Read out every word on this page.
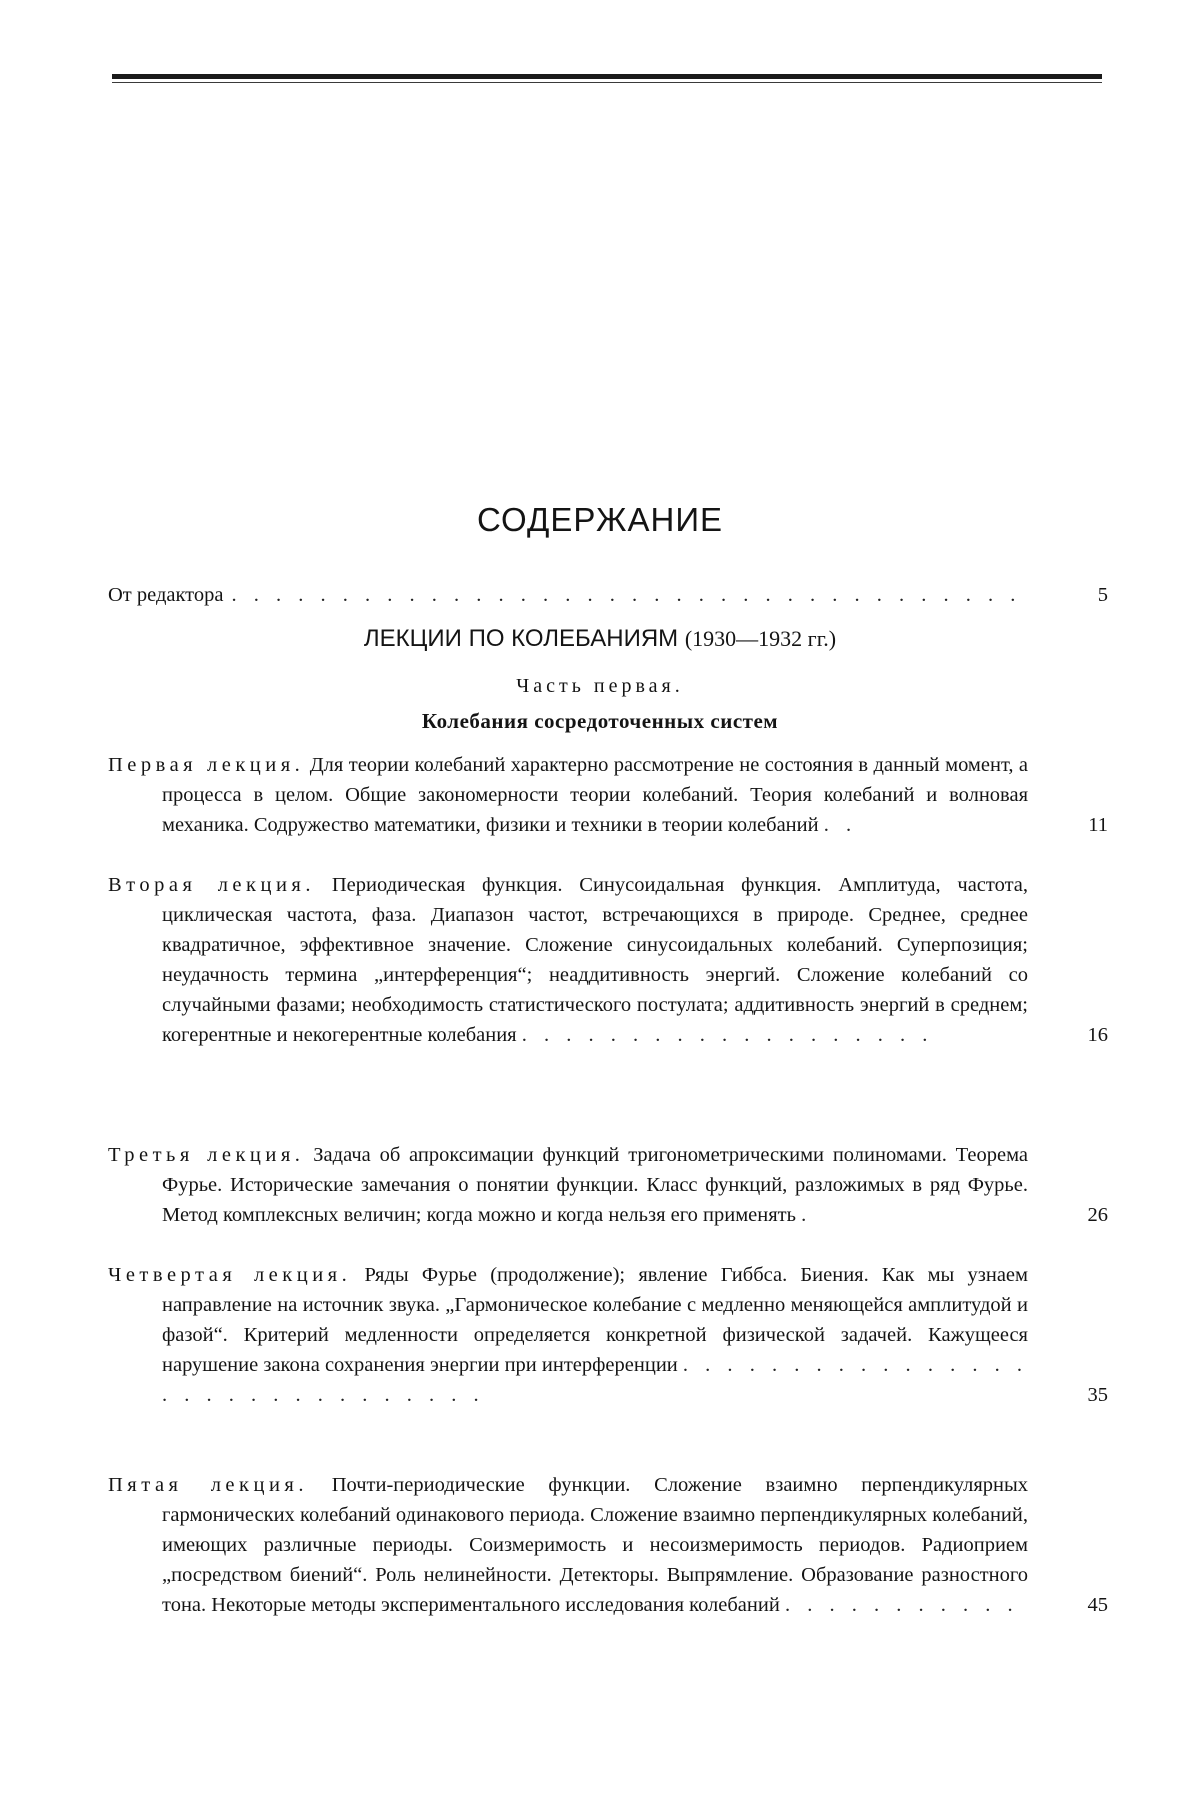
СОДЕРЖАНИЕ
От редактора . . . . . . . . . . . . . . . . . . . . . . . . . . . . . . . . . . . .	5
ЛЕКЦИИ ПО КОЛЕБАНИЯМ (1930—1932 гг.)
Часть первая.
Колебания сосредоточенных систем
Первая лекция. Для теории колебаний характерно рассмотрение не состояния в данный момент, а процесса в целом. Общие закономерности теории колебаний. Теория колебаний и волновая механика. Содружество математики, физики и техники в теории колебаний . .	11
Вторая лекция. Периодическая функция. Синусоидальная функция. Амплитуда, частота, циклическая частота, фаза. Диапазон частот, встречающихся в природе. Среднее, среднее квадратичное, эффективное значение. Сложение синусоидальных колебаний. Суперпозиция; неудачность термина „интерференция“; неаддитивность энергий. Сложение колебаний со случайными фазами; необходимость статистического постулата; аддитивность энергий в среднем; когерентные и некогерентные колебания . . . . . . . . . . . . . . . . . . .	16
Третья лекция. Задача об апроксимации функций тригонометрическими полиномами. Теорема Фурье. Исторические замечания о понятии функции. Класс функций, разложимых в ряд Фурье. Метод комплексных величин; когда можно и когда нельзя его применять .	26
Четвертая лекция. Ряды Фурье (продолжение); явление Гиббса. Биения. Как мы узнаем направление на источник звука. „Гармоническое колебание с медленно меняющейся амплитудой и фазой“. Критерий медленности определяется конкретной физической задачей. Кажущееся нарушение закона сохранения энергии при интерференции . . . . . . . . . . . . . . . . . . . . . . . . . . . . . . .	35
Пятая лекция. Почти-периодические функции. Сложение взаимно перпендикулярных гармонических колебаний одинакового периода. Сложение взаимно перпендикулярных колебаний, имеющих различные периоды. Соизмеримость и несоизмеримость периодов. Радиоприем „посредством биений“. Роль нелинейности. Детекторы. Выпрямление. Образование разностного тона. Некоторые методы экспериментального исследования колебаний . . . . . . . . . . .	45
